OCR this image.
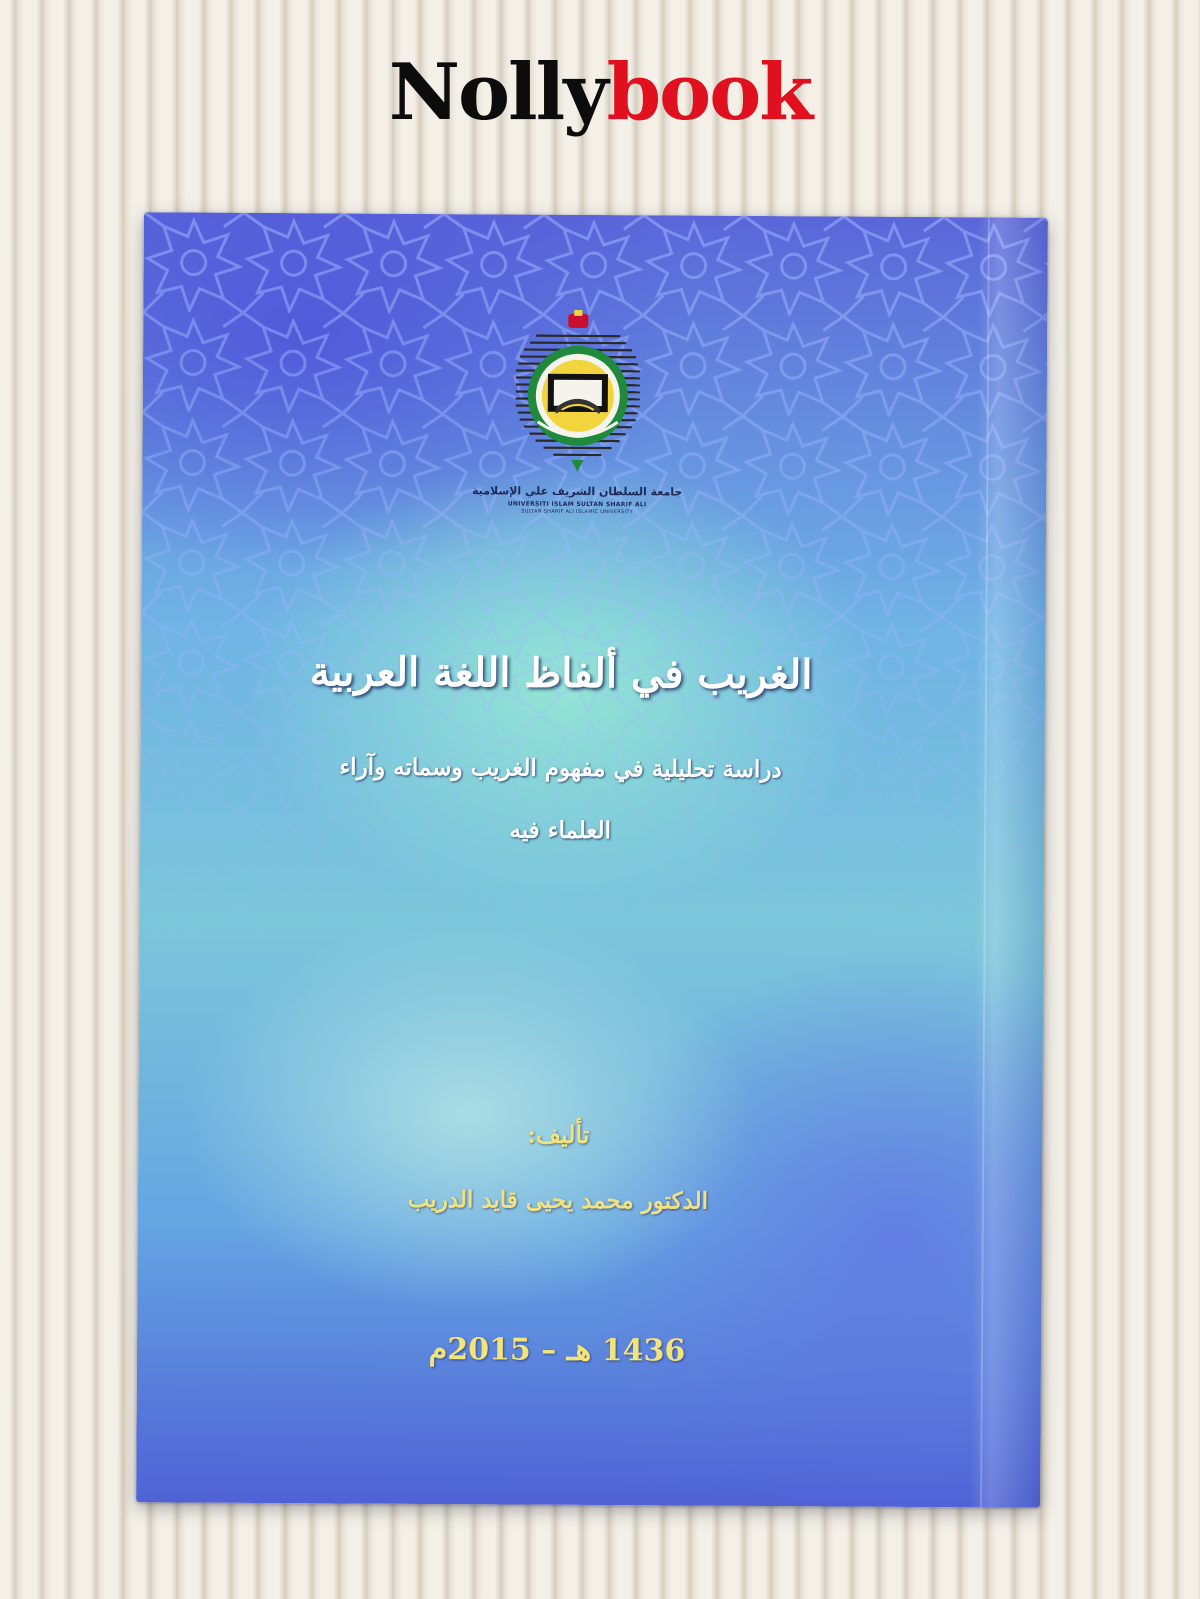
Nollybook
جامعة السلطان الشريف علي الإسلامية
UNIVERSITI ISLAM SULTAN SHARIF ALI
SULTAN SHARIF ALI ISLAMIC UNIVERSITY
الغريب في ألفاظ اللغة العربية
دراسة تحليلية في مفهوم الغريب وسماته وآراء
العلماء فيه
تأليف:
الدكتور محمد يحيى قايد الدريب
1436 هـ – 2015م
